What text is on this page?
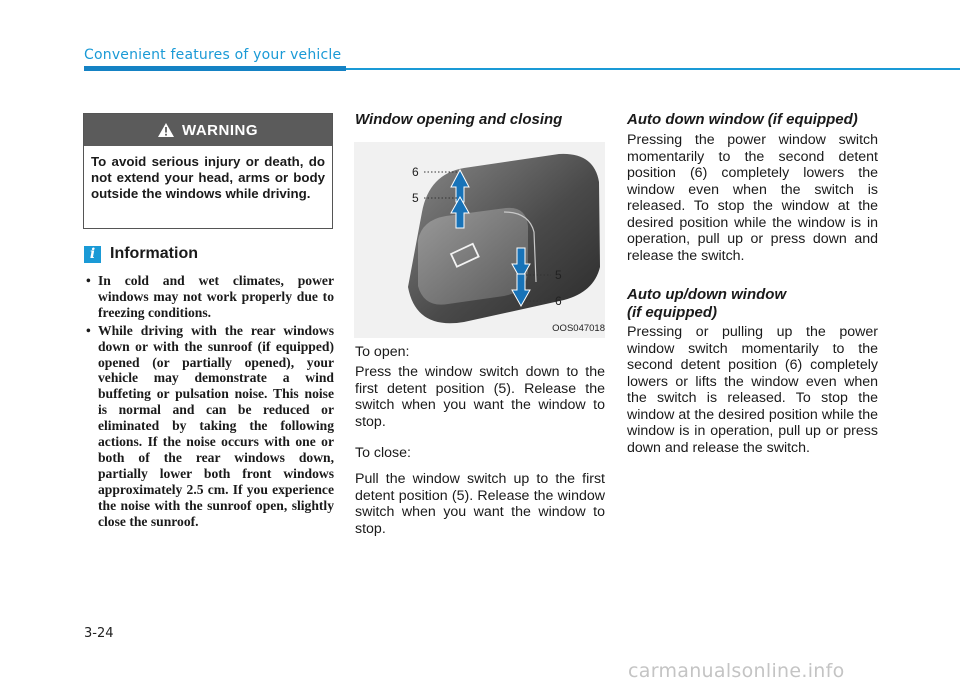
Convenient features of your vehicle
WARNING
To avoid serious injury or death, do not extend your head, arms or body outside the windows while driving.
i Information
• In cold and wet climates, power windows may not work properly due to freezing conditions.
• While driving with the rear windows down or with the sunroof (if equipped) opened (or partially opened), your vehicle may demonstrate a wind buffeting or pulsation noise. This noise is normal and can be reduced or eliminated by taking the following actions. If the noise occurs with one or both of the rear windows down, partially lower both front windows approximately 2.5 cm. If you experience the noise with the sunroof open, slightly close the sunroof.
Window opening and closing
6
5
5
6
OOS047018
To open:
Press the window switch down to the first detent position (5). Release the switch when you want the window to stop.
To close:
Pull the window switch up to the first detent position (5). Release the window switch when you want the window to stop.
Auto down window (if equipped)
Pressing the power window switch momentarily to the second detent position (6) completely lowers the window even when the switch is released. To stop the window at the desired position while the window is in operation, pull up or press down and release the switch.
Auto up/down window
(if equipped)
Pressing or pulling up the power window switch momentarily to the second detent position (6) completely lowers or lifts the window even when the switch is released. To stop the window at the desired position while the window is in operation, pull up or press down and release the switch.
3-24
carmanualsonline.info
